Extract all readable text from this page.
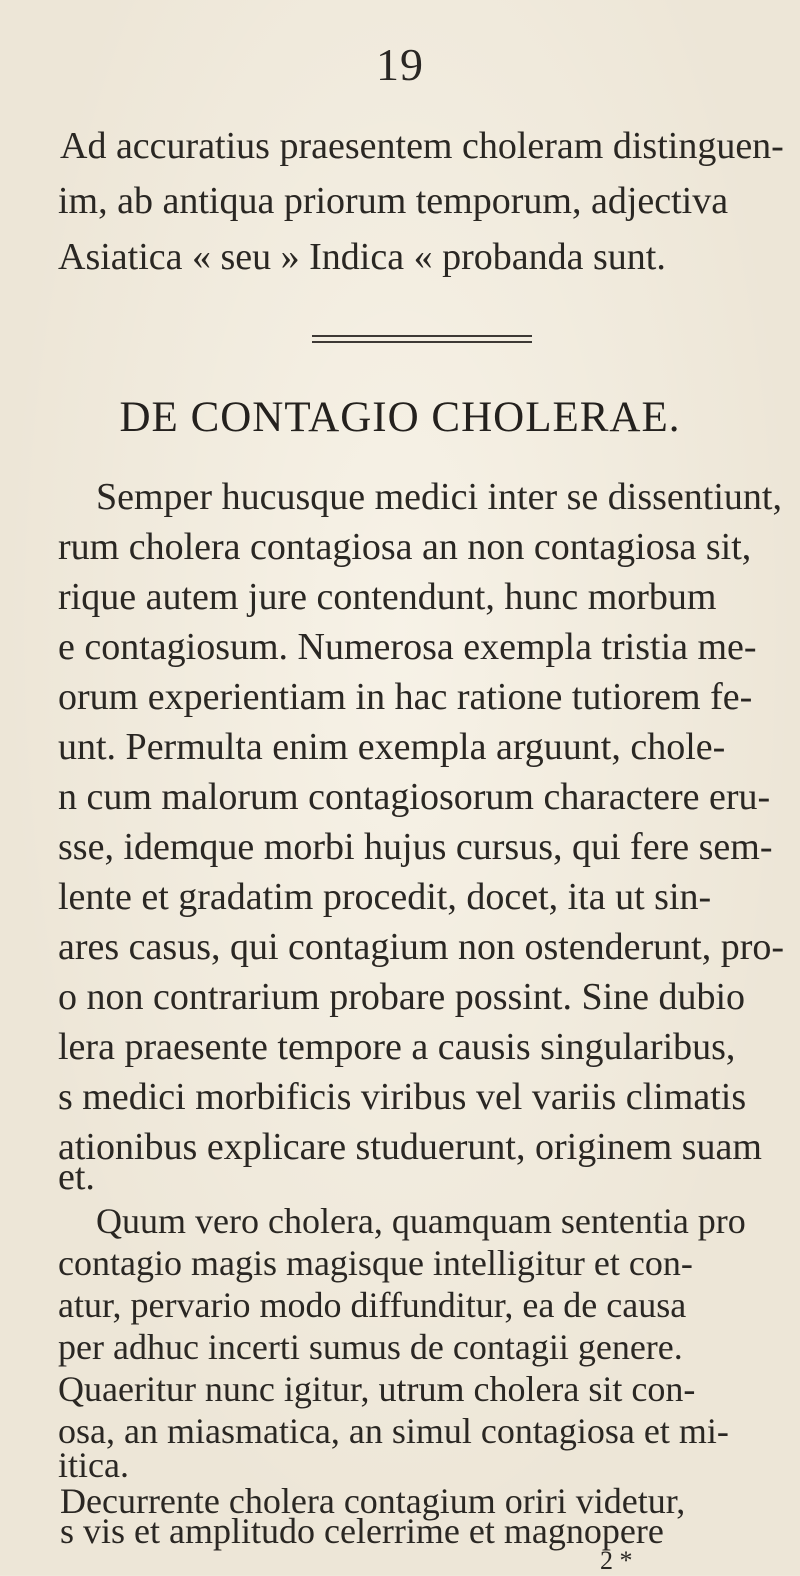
19
Ad accuratius praesentem choleram distinguen-
im, ab antiqua priorum temporum, adjectiva
Asiatica « seu » Indica « probanda sunt.
DE CONTAGIO CHOLERAE.
Semper hucusque medici inter se dissentiunt,
rum cholera contagiosa an non contagiosa sit,
rique autem jure contendunt, hunc morbum
e contagiosum. Numerosa exempla tristia me-
orum experientiam in hac ratione tutiorem fe-
unt. Permulta enim exempla arguunt, chole-
n cum malorum contagiosorum charactere eru-
sse, idemque morbi hujus cursus, qui fere sem-
lente et gradatim procedit, docet, ita ut sin-
ares casus, qui contagium non ostenderunt, pro-
o non contrarium probare possint. Sine dubio
lera praesente tempore a causis singularibus,
s medici morbificis viribus vel variis climatis
ationibus explicare studuerunt, originem suam
et.
Quum vero cholera, quamquam sententia pro
contagio magis magisque intelligitur et con-
atur, pervario modo diffunditur, ea de causa
per adhuc incerti sumus de contagii genere.
Quaeritur nunc igitur, utrum cholera sit con-
osa, an miasmatica, an simul contagiosa et mi-
itica.
Decurrente cholera contagium oriri videtur,
s vis et amplitudo celerrime et magnopere
2 *
